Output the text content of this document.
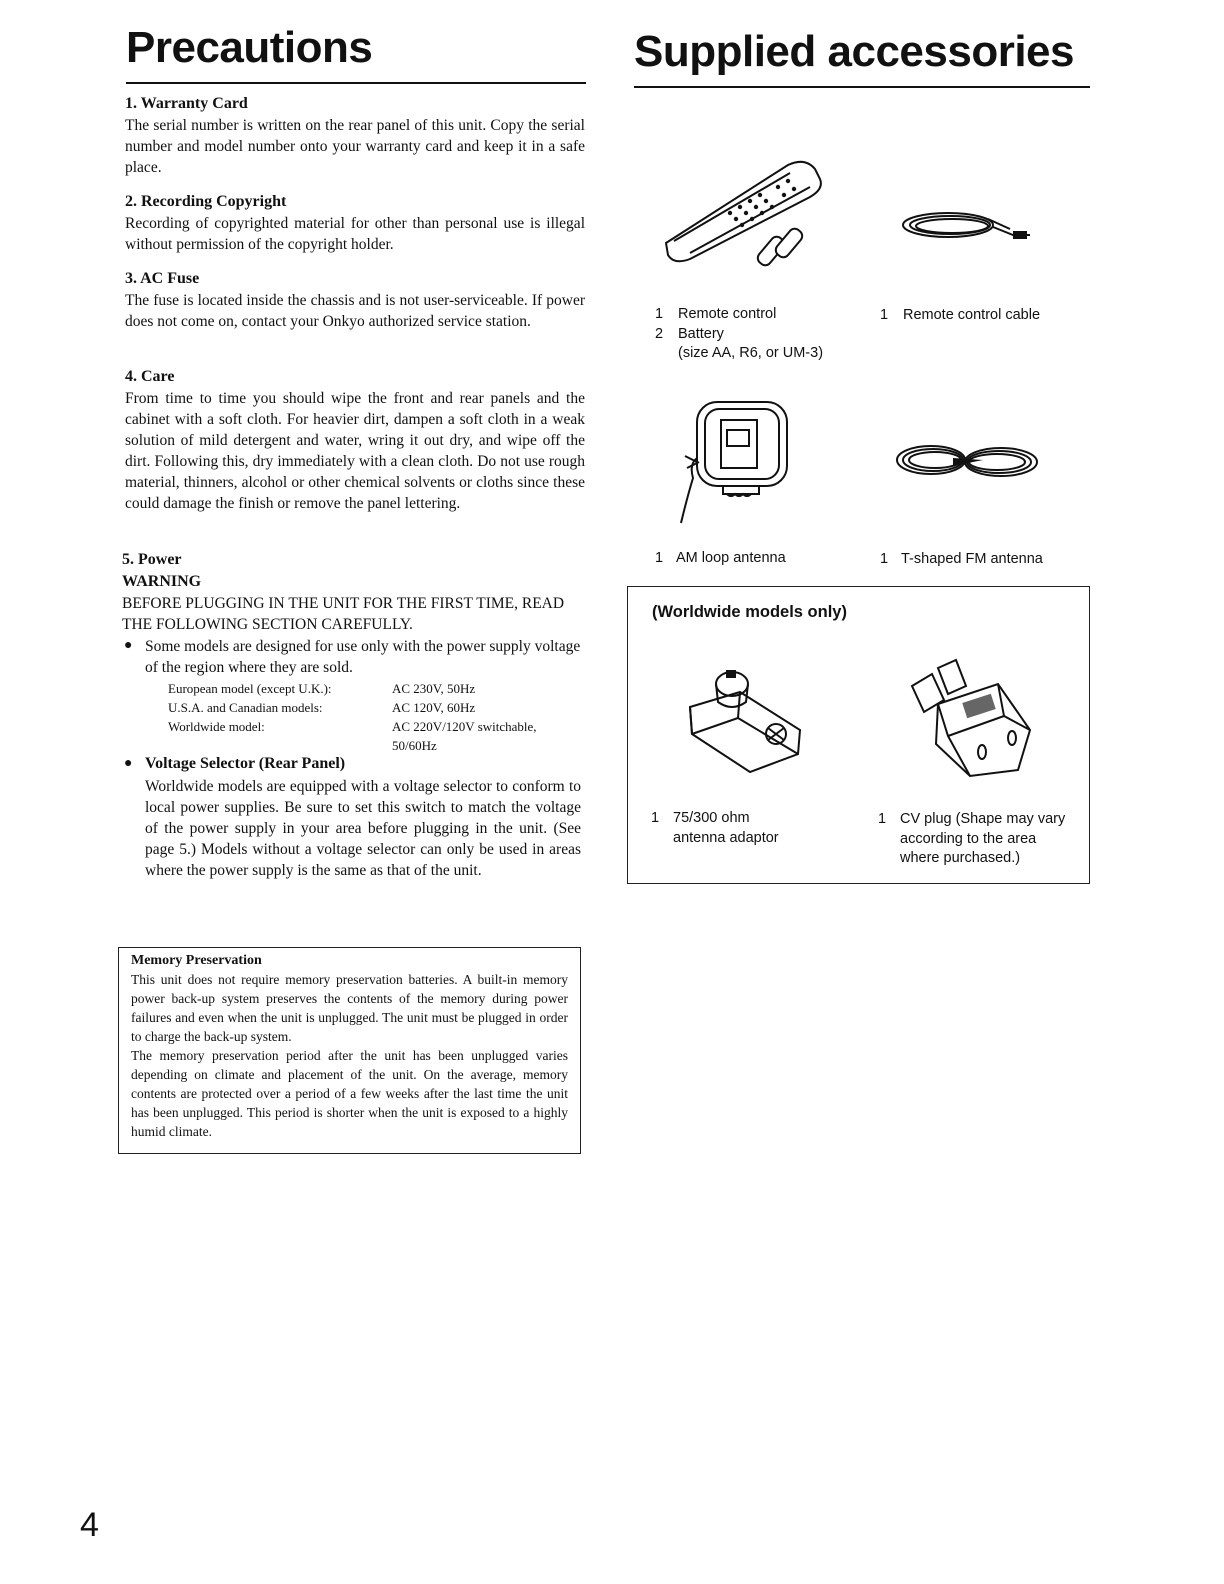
Precautions

1. Warranty Card

The serial number is written on the rear panel of this unit. Copy the serial number and model number onto your warranty card and keep it in a safe place.

2. Recording Copyright

Recording of copyrighted material for other than personal use is illegal without permission of the copyright holder.

3. AC Fuse

The fuse is located inside the chassis and is not user-serviceable. If power does not come on, contact your Onkyo authorized service station.

4. Care

From time to time you should wipe the front and rear panels and the cabinet with a soft cloth. For heavier dirt, dampen a soft cloth in a weak solution of mild detergent and water, wring it out dry, and wipe off the dirt. Following this, dry immediately with a clean cloth. Do not use rough material, thinners, alcohol or other chemical solvents or cloths since these could damage the finish or remove the panel lettering.

5. Power

WARNING

BEFORE PLUGGING IN THE UNIT FOR THE FIRST TIME, READ THE FOLLOWING SECTION CAREFULLY.

● Some models are designed for use only with the power supply voltage of the region where they are sold.

European model (except U.K.):	AC 230V, 50Hz
U.S.A. and Canadian models:	AC 120V, 60Hz
Worldwide model:	AC 220V/120V switchable,
50/60Hz
● Voltage Selector (Rear Panel)

Worldwide models are equipped with a voltage selector to conform to local power supplies. Be sure to set this switch to match the voltage of the power supply in your area before plugging in the unit. (See page 5.) Models without a voltage selector can only be used in areas where the power supply is the same as that of the unit.

Memory Preservation

This unit does not require memory preservation batteries. A built-in memory power back-up system preserves the contents of the memory during power failures and even when the unit is unplugged. The unit must be plugged in order to charge the back-up system.

The memory preservation period after the unit has been unplugged varies depending on climate and placement of the unit. On the average, memory contents are protected over a period of a few weeks after the last time the unit has been unplugged. This period is shorter when the unit is exposed to a highly humid climate.

4
Supplied accessories
1 Remote control
2 Battery
(size AA, R6, or UM-3)
1 Remote control cable
1 AM loop antenna	1 T-shaped FM antenna
(Worldwide models only)
1 75/300 ohm
antenna adaptor
1 CV plug (Shape may vary
according to the area
where purchased.)
